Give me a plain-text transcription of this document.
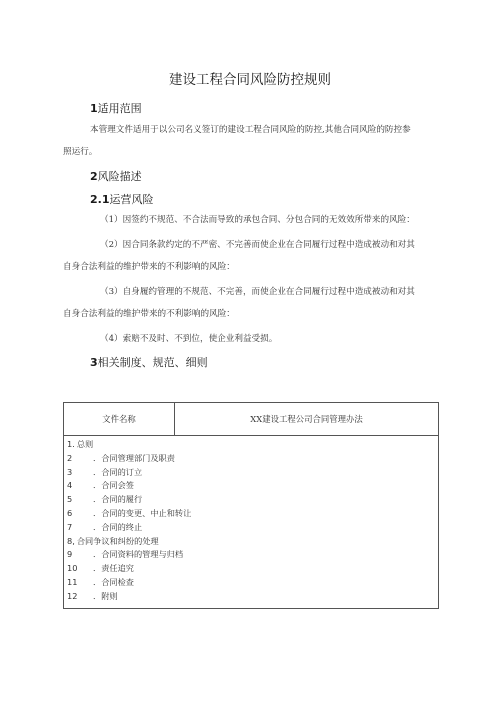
建设工程合同风险防控规则
1适用范围
本管理文件适用于以公司名义签订的建设工程合同风险的防控,其他合同风险的防控参
照运行。
2风险描述
2.1运营风险
（1）因签约不规范、不合法而导致的承包合同、分包合同的无效效所带来的风险：
（2）因合同条款约定的不严密、不完善而使企业在合同履行过程中造成被动和对其
自身合法利益的维护带来的不利影响的风险：
（3）自身履约管理的不规范、不完善，而使企业在合同履行过程中造成被动和对其
自身合法利益的维护带来的不利影响的风险：
（4）索赔不及时、不到位，使企业利益受损。
3相关制度、规范、细则
文件名称	XX建设工程公司合同管理办法

1. 总则
2	．合同管理部门及职责
3	．合同的订立
4	．合同会签
5	．合同的履行
6	．合同的变更、中止和转让
7	．合同的终止
8, 合同争议和纠纷的处理
9	．合同资料的管理与归档
10	．责任追究
11	．合同检查
12	．附则
